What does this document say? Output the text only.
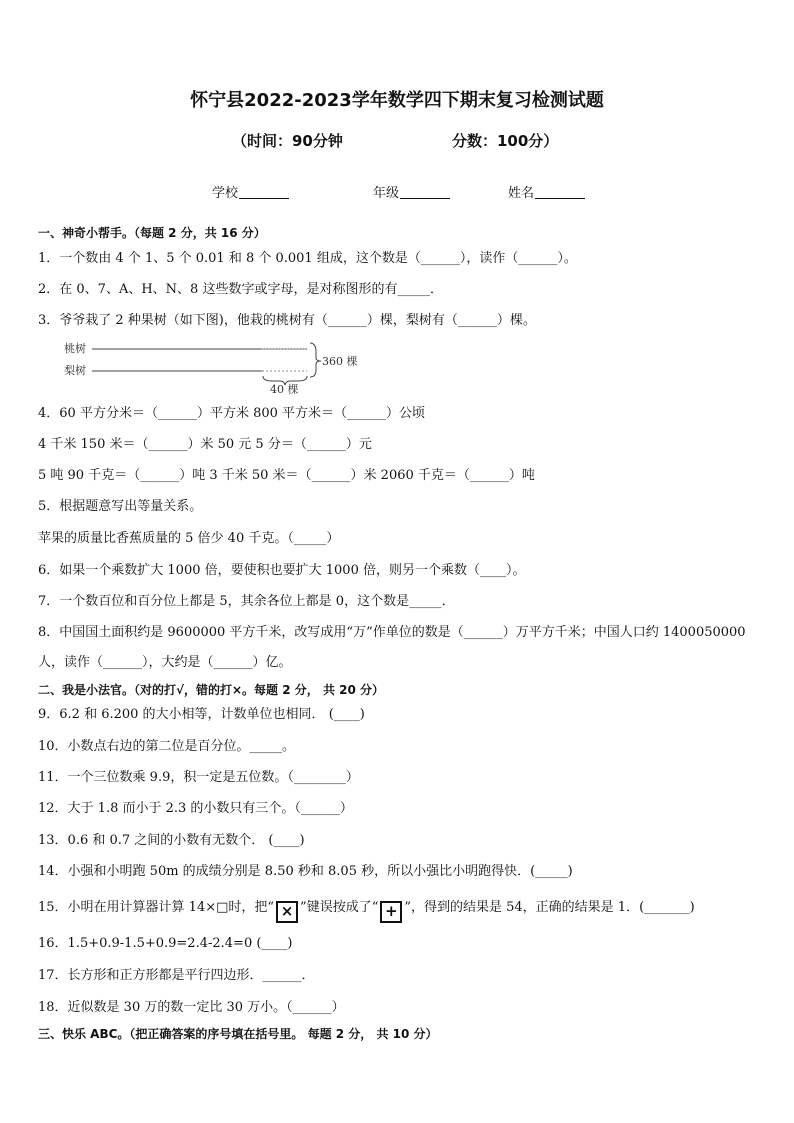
怀宁县2022-2023学年数学四下期末复习检测试题
（时间：90分钟	分数：100分）
学校	年级	姓名
一、神奇小帮手。（每题 2 分，共 16 分）
1．一个数由 4 个 1、5 个 0.01 和 8 个 0.001 组成，这个数是（______），读作（______）。
2．在 0、7、A、H、N、8 这些数字或字母，是对称图形的有_____．
3．爷爷栽了 2 种果树（如下图)，他栽的桃树有（______）棵，梨树有（______）棵。
桃树
梨树
360 棵
40 棵
4．60 平方分米＝（______）平方米 800 平方米＝（______）公顷
4 千米 150 米＝（______）米 50 元 5 分＝（______）元
5 吨 90 千克＝（______）吨 3 千米 50 米＝（______）米 2060 千克＝（______）吨
5．根据题意写出等量关系。
苹果的质量比香蕉质量的 5 倍少 40 千克。（_____）
6．如果一个乘数扩大 1000 倍，要使积也要扩大 1000 倍，则另一个乘数（____）。
7．一个数百位和百分位上都是 5，其余各位上都是 0，这个数是_____．
8．中国国土面积约是 9600000 平方千米，改写成用“万”作单位的数是（______）万平方千米；中国人口约 1400050000
人，读作（______），大约是（______）亿。
二、我是小法官。（对的打√，错的打×。每题 2 分， 共 20 分）
9．6.2 和 6.200 的大小相等，计数单位也相同． (____)
10．小数点右边的第二位是百分位。_____。
11．一个三位数乘 9.9，积一定是五位数。（________）
12．大于 1.8 而小于 2.3 的小数只有三个。（______）
13．0.6 和 0.7 之间的小数有无数个． (____)
14．小强和小明跑 50m 的成绩分别是 8.50 秒和 8.05 秒，所以小强比小明跑得快．(_____)
15．小明在用计算器计算 14×□时，把“ × ”键误按成了“ + ”，得到的结果是 54，正确的结果是 1．(_______)
16．1.5+0.9-1.5+0.9=2.4-2.4=0 (____)
17．长方形和正方形都是平行四边形．______．
18．近似数是 30 万的数一定比 30 万小。（______）
三、快乐 ABC。（把正确答案的序号填在括号里。 每题 2 分， 共 10 分）
